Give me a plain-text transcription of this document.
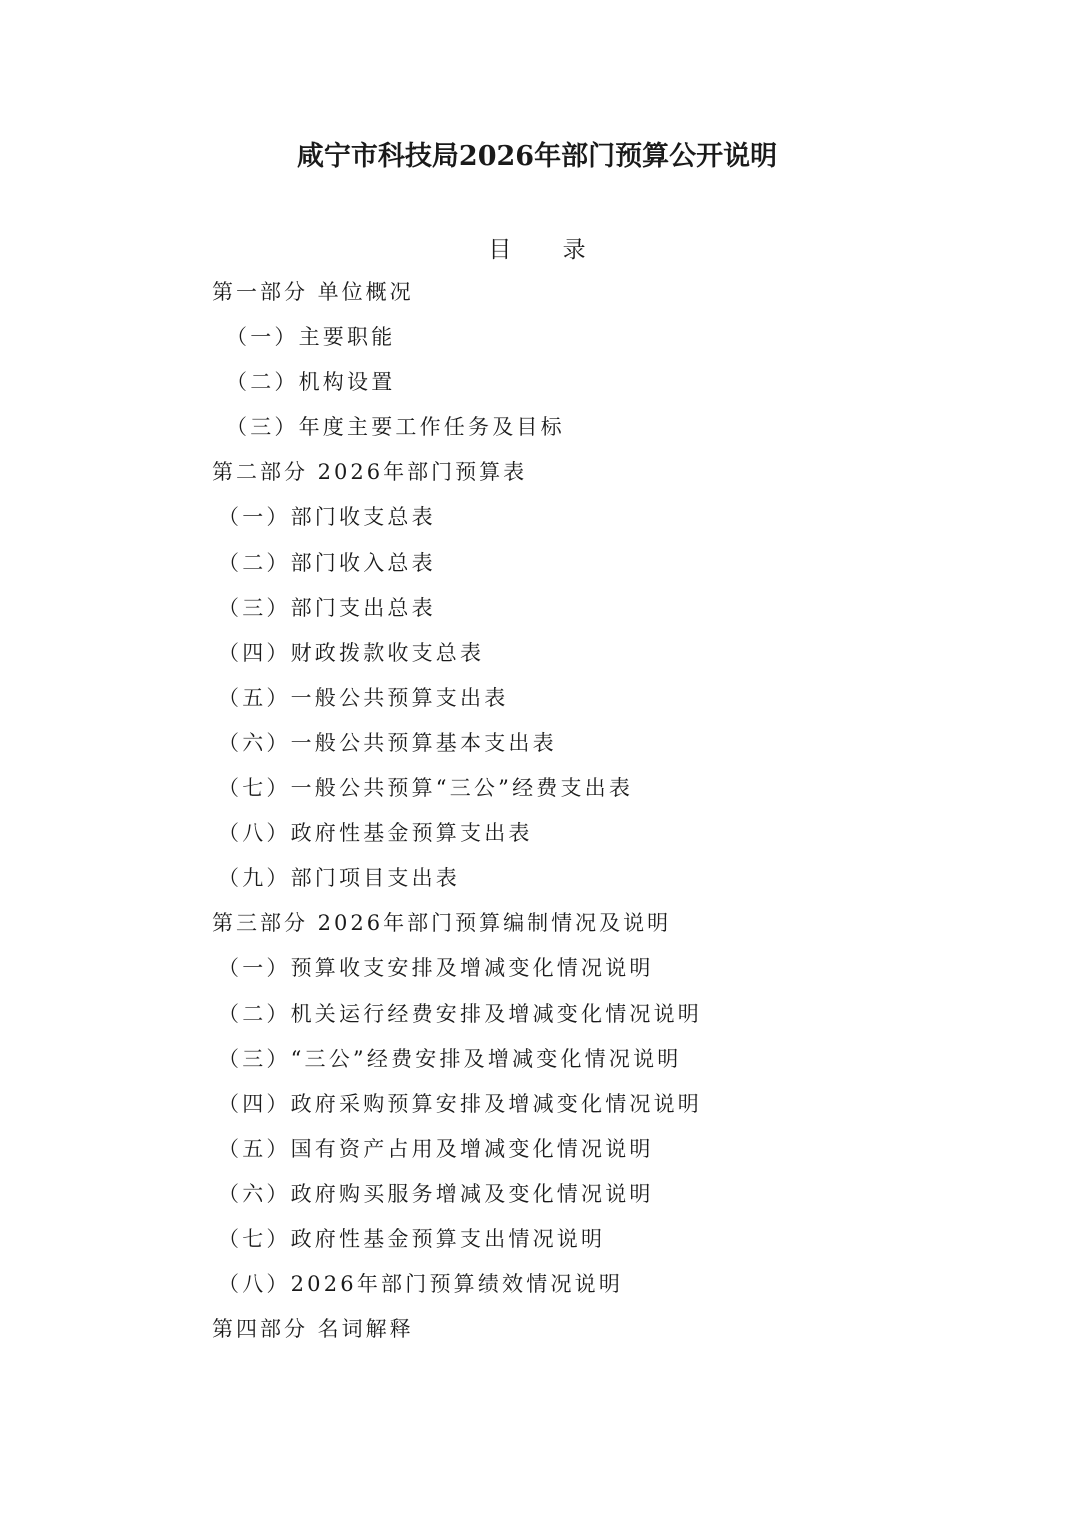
咸宁市科技局2026年部门预算公开说明
目 录
第一部分 单位概况
（一）主要职能
（二）机构设置
（三）年度主要工作任务及目标
第二部分 2026年部门预算表
（一）部门收支总表
（二）部门收入总表
（三）部门支出总表
（四）财政拨款收支总表
（五）一般公共预算支出表
（六）一般公共预算基本支出表
（七）一般公共预算“三公”经费支出表
（八）政府性基金预算支出表
（九）部门项目支出表
第三部分 2026年部门预算编制情况及说明
（一）预算收支安排及增减变化情况说明
（二）机关运行经费安排及增减变化情况说明
（三）“三公”经费安排及增减变化情况说明
（四）政府采购预算安排及增减变化情况说明
（五）国有资产占用及增减变化情况说明
（六）政府购买服务增减及变化情况说明
（七）政府性基金预算支出情况说明
（八）2026年部门预算绩效情况说明
第四部分 名词解释
